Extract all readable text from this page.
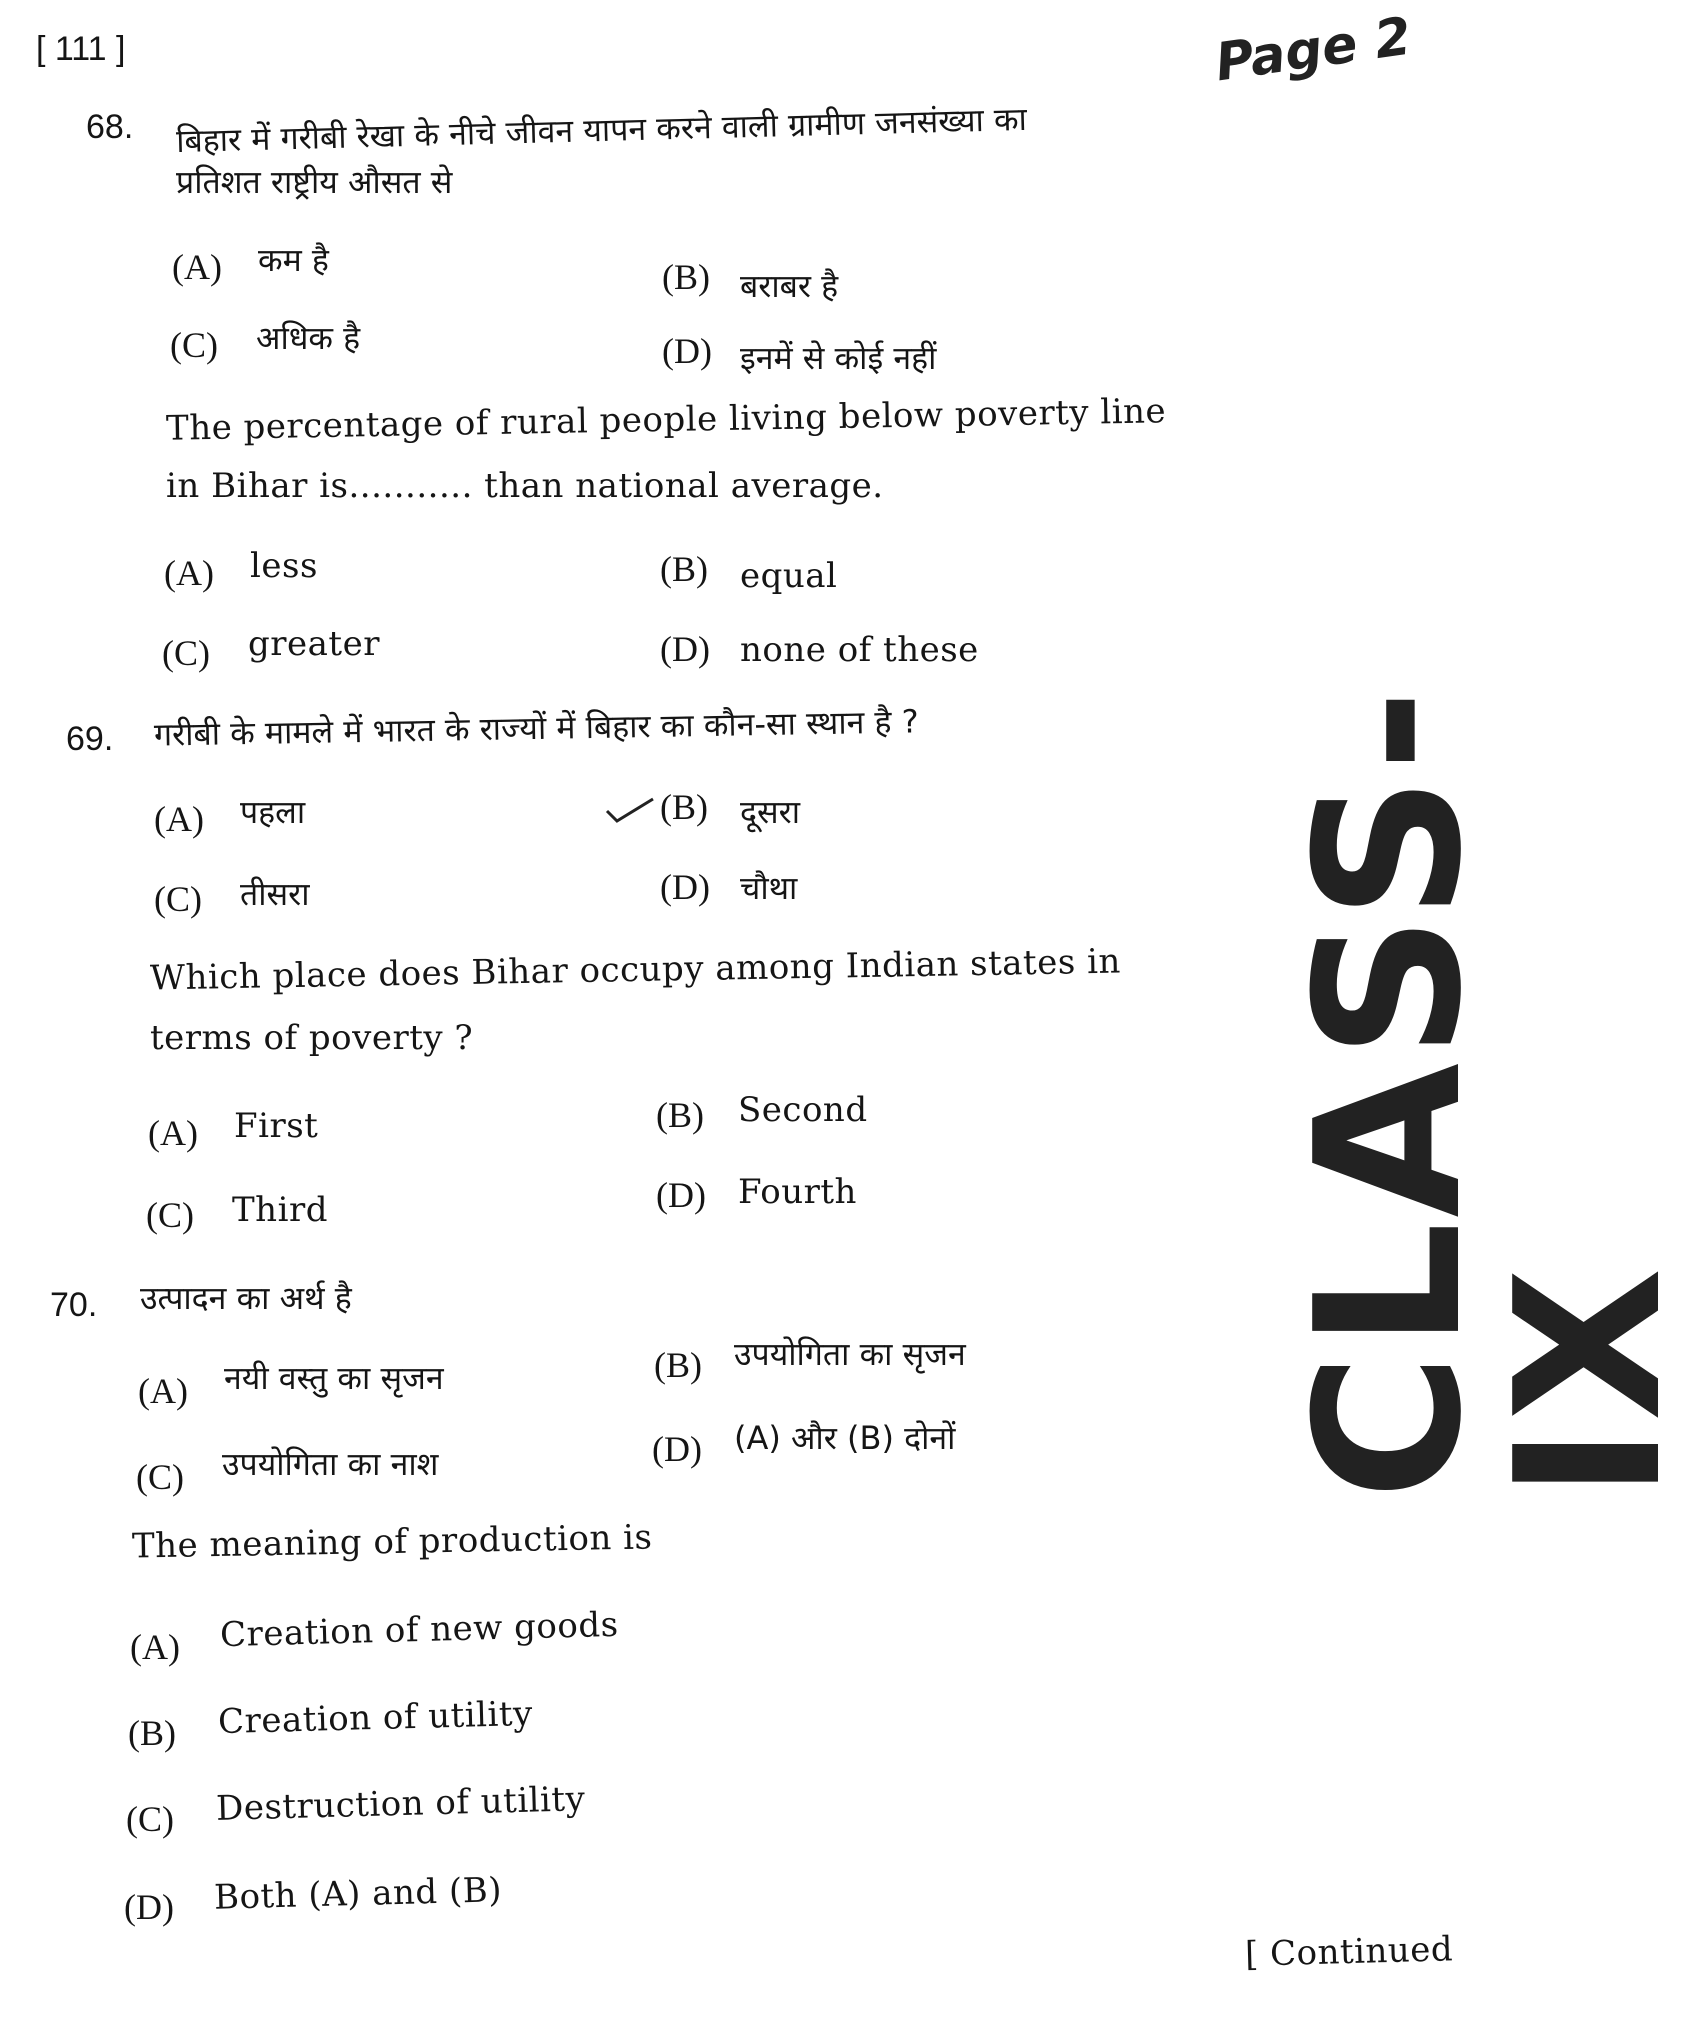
[ 111 ]	Page 2
CLASS-IX
68. बिहार में गरीबी रेखा के नीचे जीवन यापन करने वाली ग्रामीण जनसंख्या का
प्रतिशत राष्ट्रीय औसत से
(A) कम है	(B) बराबर है
(C) अधिक है	(D) इनमें से कोई नहीं
The percentage of rural people living below poverty line
in Bihar is........... than national average.
(A) less	(B) equal
(C) greater	(D) none of these
69. गरीबी के मामले में भारत के राज्यों में बिहार का कौन-सा स्थान है ?
(A) पहला	(B) दूसरा
(C) तीसरा	(D) चौथा
Which place does Bihar occupy among Indian states in
terms of poverty ?
(A) First	(B) Second
(C) Third	(D) Fourth
70. उत्पादन का अर्थ है
(A) नयी वस्तु का सृजन	(B) उपयोगिता का सृजन
(C) उपयोगिता का नाश	(D) (A) और (B) दोनों
The meaning of production is
(A) Creation of new goods
(B) Creation of utility
(C) Destruction of utility
(D) Both (A) and (B)
[ Continued
